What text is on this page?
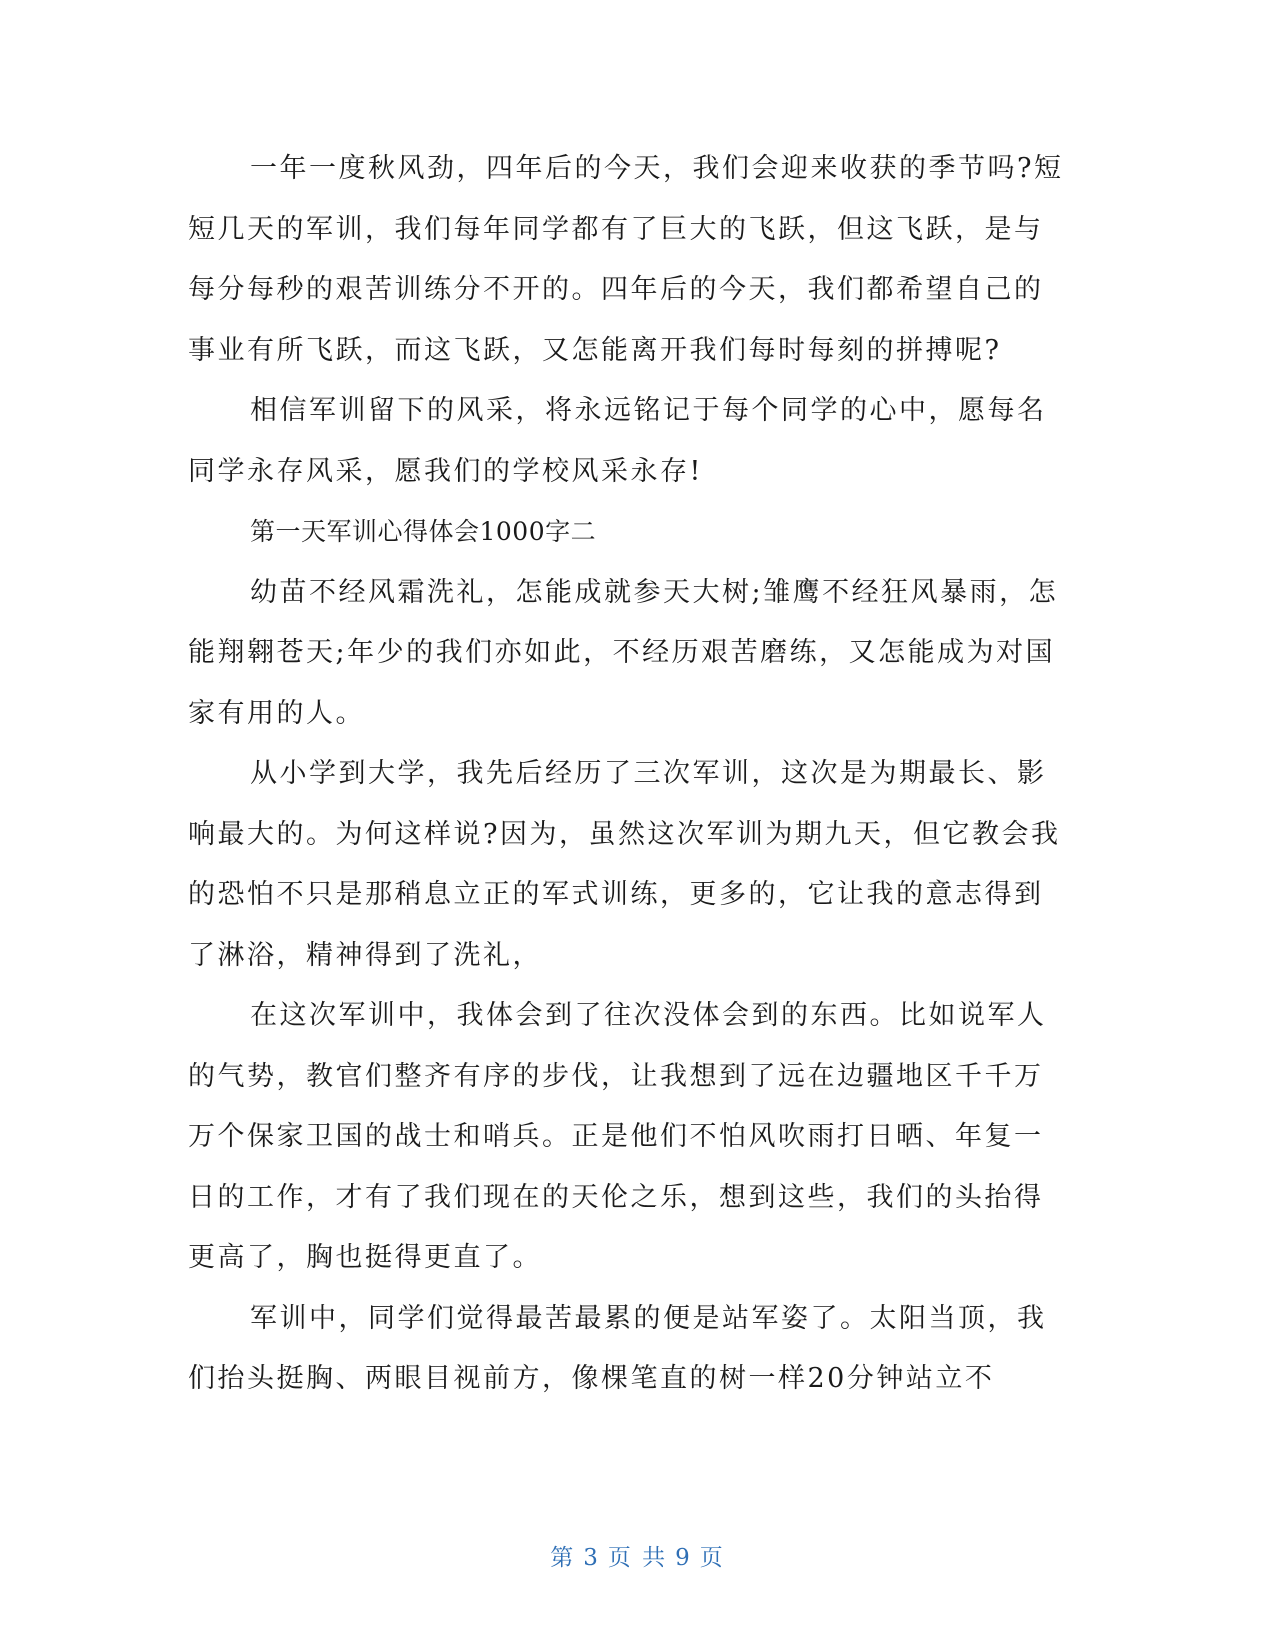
一年一度秋风劲，四年后的今天，我们会迎来收获的季节吗?短短几天的军训，我们每年同学都有了巨大的飞跃，但这飞跃，是与每分每秒的艰苦训练分不开的。四年后的今天，我们都希望自己的事业有所飞跃，而这飞跃，又怎能离开我们每时每刻的拼搏呢?

相信军训留下的风采，将永远铭记于每个同学的心中，愿每名同学永存风采，愿我们的学校风采永存!

第一天军训心得体会1000字二

幼苗不经风霜洗礼，怎能成就参天大树;雏鹰不经狂风暴雨，怎能翔翱苍天;年少的我们亦如此，不经历艰苦磨练，又怎能成为对国家有用的人。

从小学到大学，我先后经历了三次军训，这次是为期最长、影响最大的。为何这样说?因为，虽然这次军训为期九天，但它教会我的恐怕不只是那稍息立正的军式训练，更多的，它让我的意志得到了淋浴，精神得到了洗礼，

在这次军训中，我体会到了往次没体会到的东西。比如说军人的气势，教官们整齐有序的步伐，让我想到了远在边疆地区千千万万个保家卫国的战士和哨兵。正是他们不怕风吹雨打日晒、年复一日的工作，才有了我们现在的天伦之乐，想到这些，我们的头抬得更高了，胸也挺得更直了。

军训中，同学们觉得最苦最累的便是站军姿了。太阳当顶，我们抬头挺胸、两眼目视前方，像棵笔直的树一样20分钟站立不

第 3 页 共 9 页
